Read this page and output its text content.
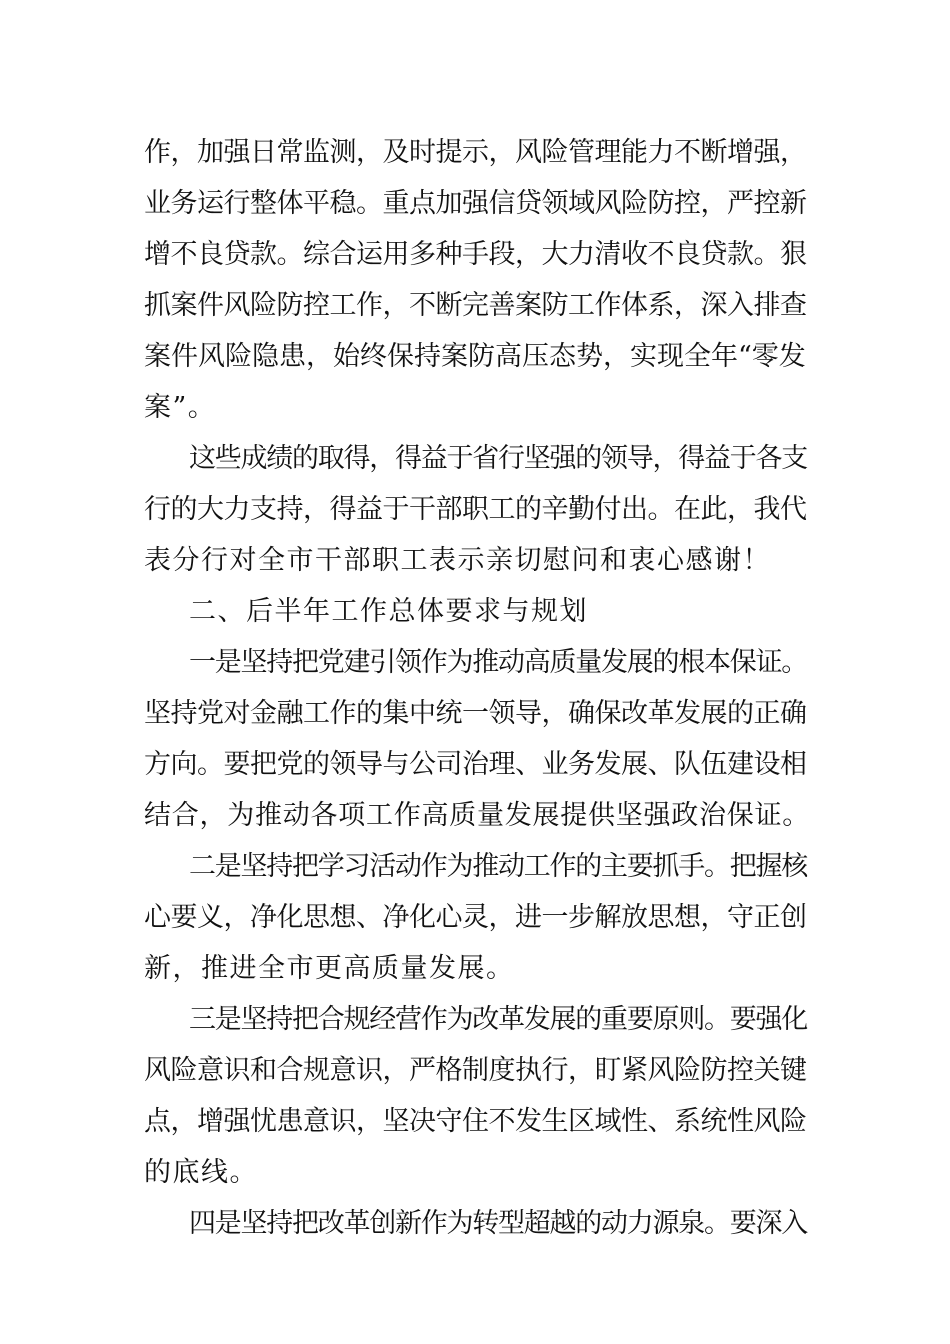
作，加强日常监测，及时提示，风险管理能力不断增强，
业务运行整体平稳。重点加强信贷领域风险防控，严控新
增不良贷款。综合运用多种手段，大力清收不良贷款。狠
抓案件风险防控工作，不断完善案防工作体系，深入排查
案件风险隐患，始终保持案防高压态势，实现全年“零发
案”。
这些成绩的取得，得益于省行坚强的领导，得益于各支
行的大力支持，得益于干部职工的辛勤付出。在此，我代
表分行对全市干部职工表示亲切慰问和衷心感谢！
二、后半年工作总体要求与规划
一是坚持把党建引领作为推动高质量发展的根本保证。
坚持党对金融工作的集中统一领导，确保改革发展的正确
方向。要把党的领导与公司治理、业务发展、队伍建设相
结合，为推动各项工作高质量发展提供坚强政治保证。
二是坚持把学习活动作为推动工作的主要抓手。把握核
心要义，净化思想、净化心灵，进一步解放思想，守正创
新，推进全市更高质量发展。
三是坚持把合规经营作为改革发展的重要原则。要强化
风险意识和合规意识，严格制度执行，盯紧风险防控关键
点，增强忧患意识，坚决守住不发生区域性、系统性风险
的底线。
四是坚持把改革创新作为转型超越的动力源泉。要深入
